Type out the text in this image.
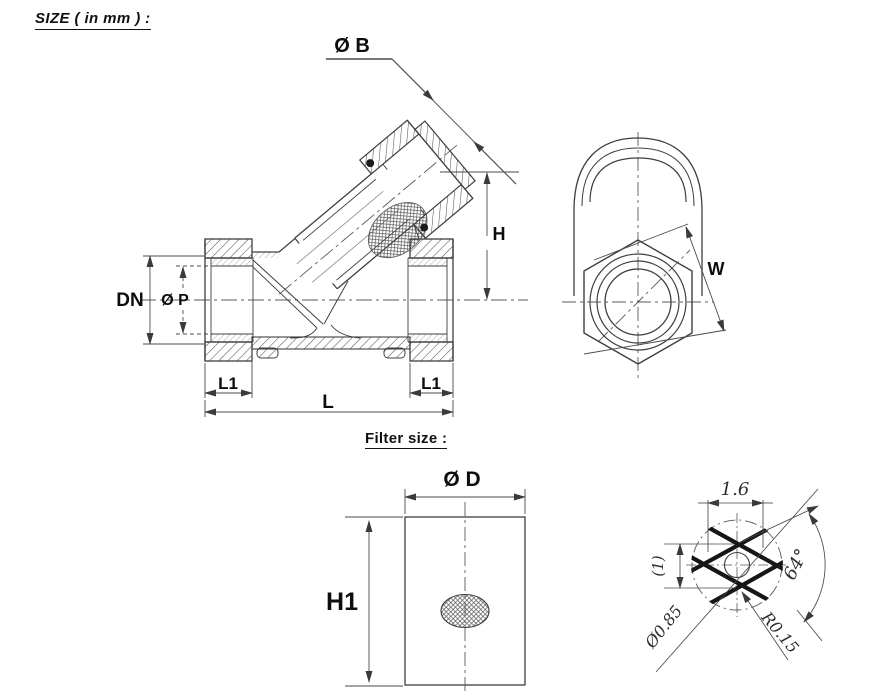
SIZE ( in mm ) :
Filter size :
Ø B
H
DN Ø P
L1	L1
L
W
Ø D
H1
1.6
(1)
Ø0.85	R0.15
64°
